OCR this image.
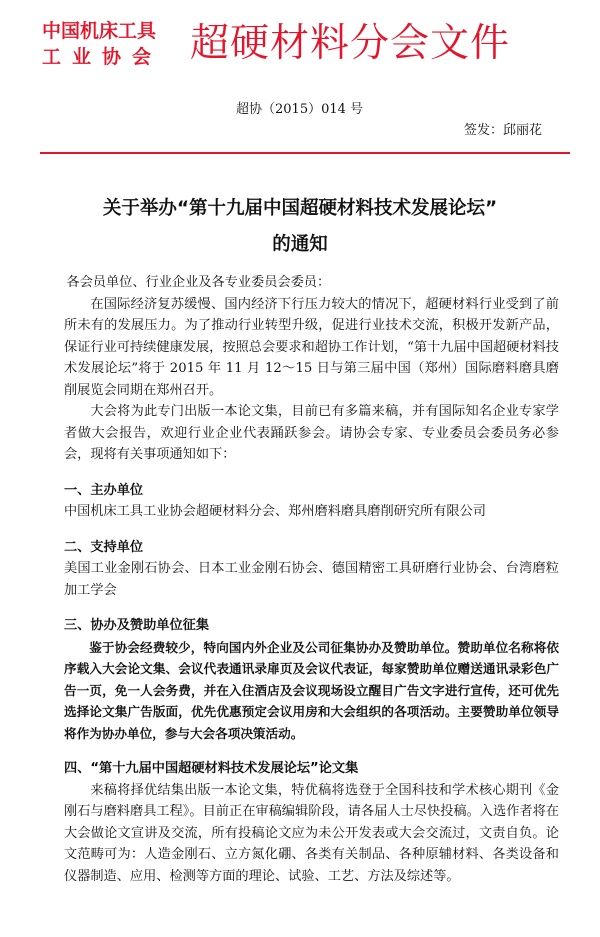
中国机床工具
工业协会 超硬材料分会文件
超协（2015）014 号
签发：邱丽花
关于举办“第十九届中国超硬材料技术发展论坛”
的通知

各会员单位、行业企业及各专业委员会委员：

在国际经济复苏缓慢、国内经济下行压力较大的情况下，超硬材料行业受到了前所未有的发展压力。为了推动行业转型升级，促进行业技术交流，积极开发新产品，保证行业可持续健康发展，按照总会要求和超协工作计划，“第十九届中国超硬材料技术发展论坛”将于 2015 年 11 月 12～15 日与第三届中国（郑州）国际磨料磨具磨削展览会同期在郑州召开。

大会将为此专门出版一本论文集，目前已有多篇来稿，并有国际知名企业专家学者做大会报告，欢迎行业企业代表踊跃参会。请协会专家、专业委员会委员务必参会，现将有关事项通知如下：

一、主办单位

中国机床工具工业协会超硬材料分会、郑州磨料磨具磨削研究所有限公司

二、支持单位

美国工业金刚石协会、日本工业金刚石协会、德国精密工具研磨行业协会、台湾磨粒加工学会

三、协办及赞助单位征集

鉴于协会经费较少，特向国内外企业及公司征集协办及赞助单位。赞助单位名称将依序载入大会论文集、会议代表通讯录扉页及会议代表证，每家赞助单位赠送通讯录彩色广告一页，免一人会务费，并在入住酒店及会议现场设立醒目广告文字进行宣传，还可优先选择论文集广告版面，优先优惠预定会议用房和大会组织的各项活动。主要赞助单位领导将作为协办单位，参与大会各项决策活动。

四、“第十九届中国超硬材料技术发展论坛”论文集

来稿将择优结集出版一本论文集，特优稿将选登于全国科技和学术核心期刊《金刚石与磨料磨具工程》。目前正在审稿编辑阶段，请各届人士尽快投稿。入选作者将在大会做论文宣讲及交流，所有投稿论文应为未公开发表或大会交流过，文责自负。论文范畴可为：人造金刚石、立方氮化硼、各类有关制品、各种原辅材料、各类设备和仪器制造、应用、检测等方面的理论、试验、工艺、方法及综述等。
